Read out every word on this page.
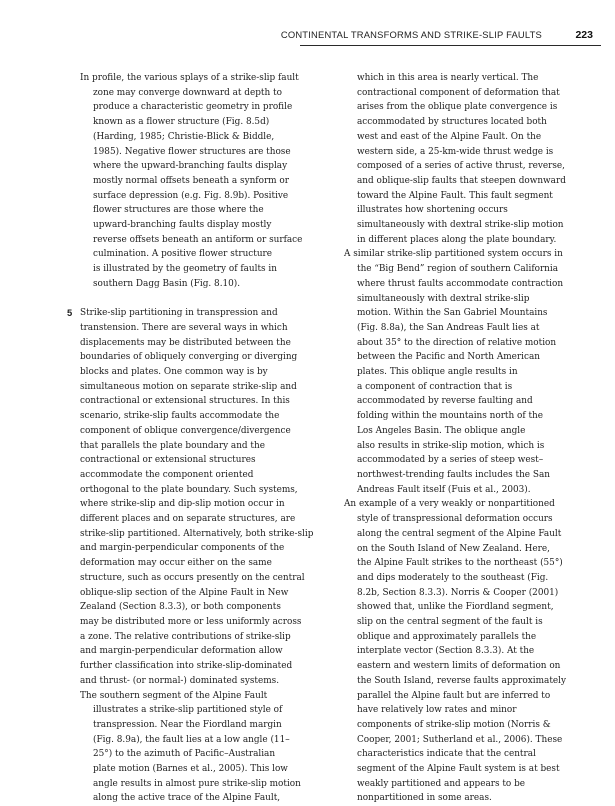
CONTINENTAL TRANSFORMS AND STRIKE-SLIP FAULTS	223
In profile, the various splays of a strike-slip fault
zone may converge downward at depth to
produce a characteristic geometry in profile
known as a flower structure (Fig. 8.5d)
(Harding, 1985; Christie-Blick & Biddle,
1985). Negative flower structures are those
where the upward-branching faults display
mostly normal offsets beneath a synform or
surface depression (e.g. Fig. 8.9b). Positive
flower structures are those where the
upward-branching faults display mostly
reverse offsets beneath an antiform or surface
culmination. A positive flower structure
is illustrated by the geometry of faults in
southern Dagg Basin (Fig. 8.10).
5 Strike-slip partitioning in transpression and
transtension. There are several ways in which
displacements may be distributed between the
boundaries of obliquely converging or diverging
blocks and plates. One common way is by
simultaneous motion on separate strike-slip and
contractional or extensional structures. In this
scenario, strike-slip faults accommodate the
component of oblique convergence/divergence
that parallels the plate boundary and the
contractional or extensional structures
accommodate the component oriented
orthogonal to the plate boundary. Such systems,
where strike-slip and dip-slip motion occur in
different places and on separate structures, are
strike-slip partitioned. Alternatively, both strike-slip
and margin-perpendicular components of the
deformation may occur either on the same
structure, such as occurs presently on the central
oblique-slip section of the Alpine Fault in New
Zealand (Section 8.3.3), or both components
may be distributed more or less uniformly across
a zone. The relative contributions of strike-slip
and margin-perpendicular deformation allow
further classification into strike-slip-dominated
and thrust- (or normal-) dominated systems.
The southern segment of the Alpine Fault
illustrates a strike-slip partitioned style of
transpression. Near the Fiordland margin
(Fig. 8.9a), the fault lies at a low angle (11–
25°) to the azimuth of Pacific–Australian
plate motion (Barnes et al., 2005). This low
angle results in almost pure strike-slip motion
along the active trace of the Alpine Fault,
which in this area is nearly vertical. The
contractional component of deformation that
arises from the oblique plate convergence is
accommodated by structures located both
west and east of the Alpine Fault. On the
western side, a 25-km-wide thrust wedge is
composed of a series of active thrust, reverse,
and oblique-slip faults that steepen downward
toward the Alpine Fault. This fault segment
illustrates how shortening occurs
simultaneously with dextral strike-slip motion
in different places along the plate boundary.
A similar strike-slip partitioned system occurs in
the “Big Bend” region of southern California
where thrust faults accommodate contraction
simultaneously with dextral strike-slip
motion. Within the San Gabriel Mountains
(Fig. 8.8a), the San Andreas Fault lies at
about 35° to the direction of relative motion
between the Pacific and North American
plates. This oblique angle results in
a component of contraction that is
accommodated by reverse faulting and
folding within the mountains north of the
Los Angeles Basin. The oblique angle
also results in strike-slip motion, which is
accommodated by a series of steep west–
northwest-trending faults includes the San
Andreas Fault itself (Fuis et al., 2003).
An example of a very weakly or nonpartitioned
style of transpressional deformation occurs
along the central segment of the Alpine Fault
on the South Island of New Zealand. Here,
the Alpine Fault strikes to the northeast (55°)
and dips moderately to the southeast (Fig.
8.2b, Section 8.3.3). Norris & Cooper (2001)
showed that, unlike the Fiordland segment,
slip on the central segment of the fault is
oblique and approximately parallels the
interplate vector (Section 8.3.3). At the
eastern and western limits of deformation on
the South Island, reverse faults approximately
parallel the Alpine fault but are inferred to
have relatively low rates and minor
components of strike-slip motion (Norris &
Cooper, 2001; Sutherland et al., 2006). These
characteristics indicate that the central
segment of the Alpine Fault system is at best
weakly partitioned and appears to be
nonpartitioned in some areas.
